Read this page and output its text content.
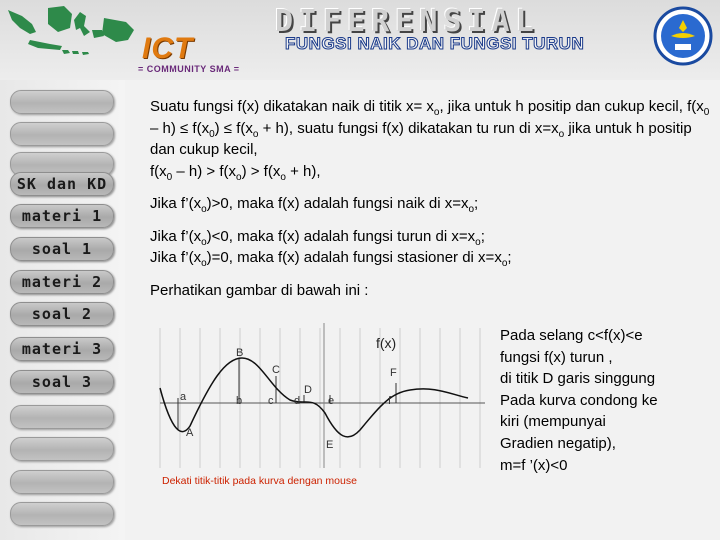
ICT
= COMMUNITY SMA =
DIFERENSIAL
FUNGSI NAIK DAN FUNGSI TURUN
SK dan KD
materi 1
soal 1
materi 2
soal 2
materi 3
soal 3

Suatu fungsi f(x) dikatakan naik di titik $x= x_o$, jika untuk h positip dan cukup kecil, $f(x_0 - h) \le f(x_0) \le f(x_o + h)$, suatu fungsi f(x) dikatakan tu run di $x=x_o$ jika untuk h positip dan cukup kecil,
$f(x_0 - h) > f(x_o) > f(x_o + h)$,

Jika $f’(x_o)>0$, maka f(x) adalah fungsi naik di $x=x_o$;

Jika $f’(x_o)<0$, maka f(x) adalah fungsi turun di $x=x_o$;

Jika $f’(x_o)=0$, maka f(x) adalah fungsi stasioner di $x=x_o$;

Perhatikan gambar di bawah ini :

f(x)
B
C
D
F
a	b c d	e	f
A
E
Dekati titik-titik pada kurva dengan mouse
Pada selang c<f(x)<e
fungsi f(x) turun ,
di titik D garis singgung
Pada kurva condong ke
kiri (mempunyai
Gradien negatip),
m=f ’(x)<0
